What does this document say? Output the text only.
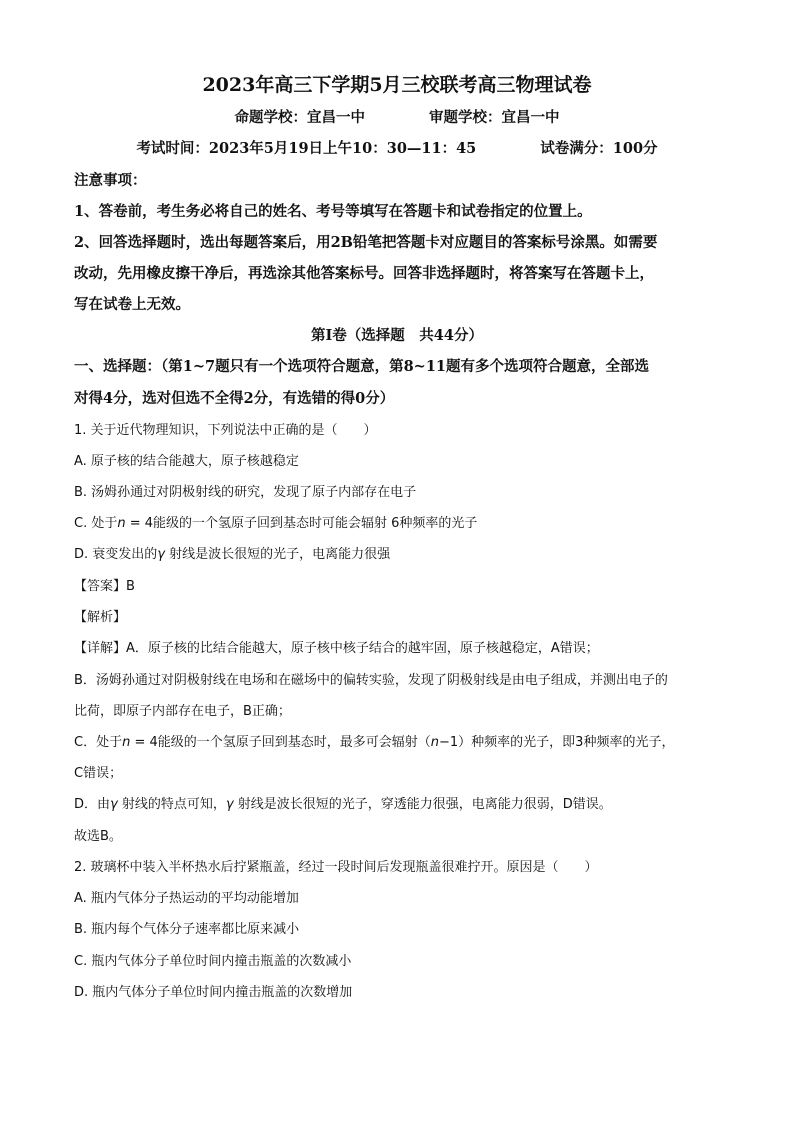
2023年高三下学期5月三校联考高三物理试卷
命题学校：宜昌一中	审题学校：宜昌一中
考试时间：2023年5月19日上午10：30—11：45	试卷满分：100分
注意事项：
1、答卷前，考生务必将自己的姓名、考号等填写在答题卡和试卷指定的位置上。
2、回答选择题时，选出每题答案后，用2B铅笔把答题卡对应题目的答案标号涂黑。如需要
改动，先用橡皮擦干净后，再选涂其他答案标号。回答非选择题时，将答案写在答题卡上，
写在试卷上无效。
第Ⅰ卷（选择题　共44分）
一、选择题：（第1~7题只有一个选项符合题意，第8~11题有多个选项符合题意，全部选
对得4分，选对但选不全得2分，有选错的得0分）
1. 关于近代物理知识，下列说法中正确的是（　　）
A. 原子核的结合能越大，原子核越稳定
B. 汤姆孙通过对阴极射线的研究，发现了原子内部存在电子
C. 处于n = 4能级的一个氢原子回到基态时可能会辐射 6种频率的光子
D. 衰变发出的γ 射线是波长很短的光子，电离能力很强
【答案】B
【解析】
【详解】A．原子核的比结合能越大，原子核中核子结合的越牢固，原子核越稳定，A错误；
B．汤姆孙通过对阴极射线在电场和在磁场中的偏转实验，发现了阴极射线是由电子组成，并测出电子的
比荷，即原子内部存在电子，B正确；
C．处于n = 4能级的一个氢原子回到基态时，最多可会辐射（n−1）种频率的光子，即3种频率的光子，
C错误；
D．由γ 射线的特点可知，γ 射线是波长很短的光子，穿透能力很强，电离能力很弱，D错误。
故选B。
2. 玻璃杯中装入半杯热水后拧紧瓶盖，经过一段时间后发现瓶盖很难拧开。原因是（　　）
A. 瓶内气体分子热运动的平均动能增加
B. 瓶内每个气体分子速率都比原来减小
C. 瓶内气体分子单位时间内撞击瓶盖的次数减小
D. 瓶内气体分子单位时间内撞击瓶盖的次数增加
